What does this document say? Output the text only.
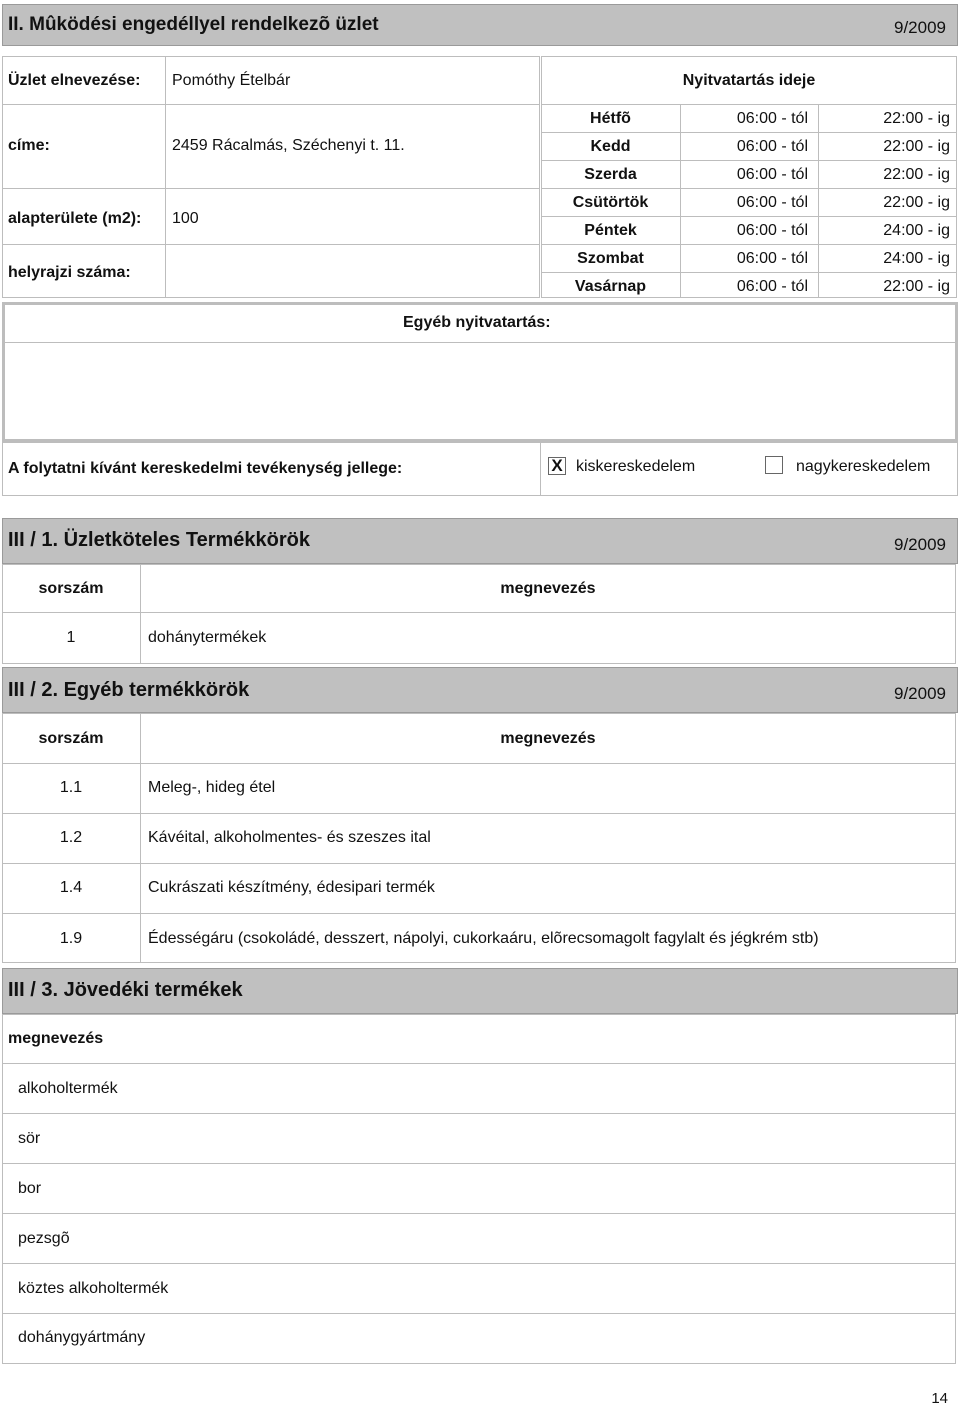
II. Mûködési engedéllyel rendelkezõ üzlet	9/2009
Üzlet elnevezése: Pomóthy Ételbár
címe:	2459 Rácalmás, Széchenyi t. 11.
alapterülete (m2): 100
helyrajzi száma:
Nyitvatartás ideje
Hétfõ	06:00 - tól	22:00 - ig
Kedd	06:00 - tól	22:00 - ig
Szerda	06:00 - tól	22:00 - ig
Csütörtök	06:00 - tól	22:00 - ig
Péntek	06:00 - tól	24:00 - ig
Szombat	06:00 - tól	24:00 - ig
Vasárnap	06:00 - tól	22:00 - ig
Egyéb nyitvatartás:
A folytatni kívánt kereskedelmi tevékenység jellege:	X kiskereskedelem	nagykereskedelem
III / 1. Üzletköteles Termékkörök	9/2009
sorszám	megnevezés
1	dohánytermékek
III / 2. Egyéb termékkörök	9/2009
sorszám	megnevezés
1.1	Meleg-, hideg étel
1.2	Kávéital, alkoholmentes- és szeszes ital
1.4	Cukrászati készítmény, édesipari termék
1.9	Édességáru (csokoládé, desszert, nápolyi, cukorkaáru, elõrecsomagolt fagylalt és jégkrém stb)
III / 3. Jövedéki termékek
megnevezés
alkoholtermék
sör
bor
pezsgõ
köztes alkoholtermék
dohánygyártmány
14
